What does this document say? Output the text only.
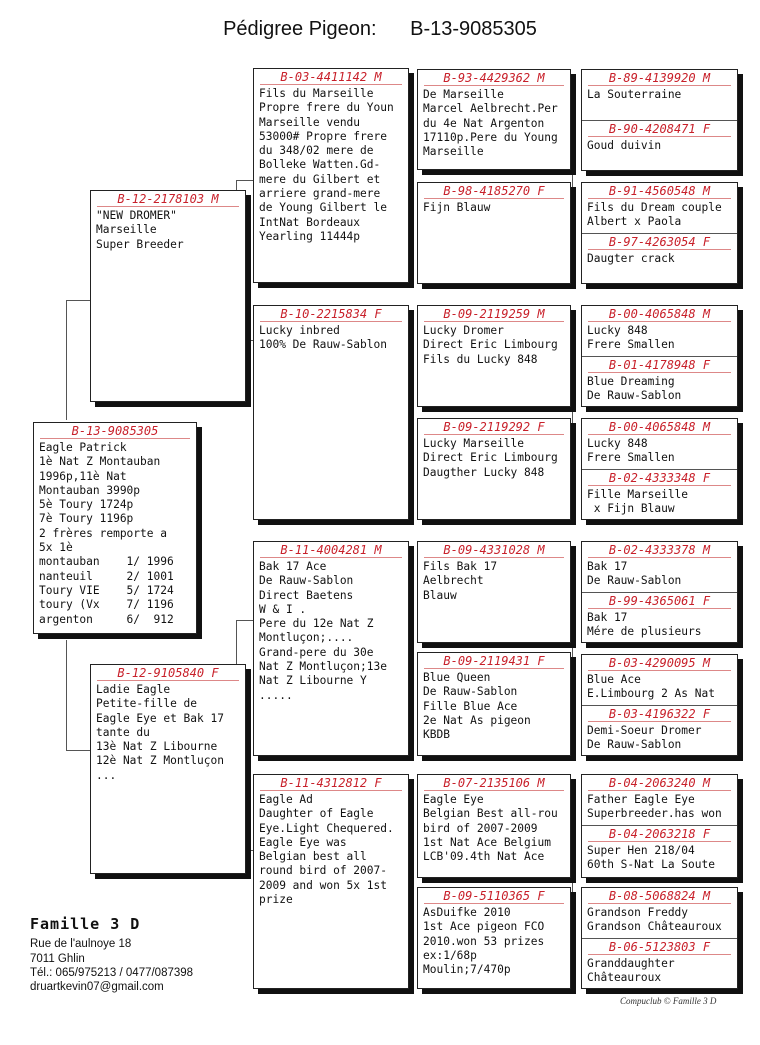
Pédigree Pigeon: B-13-9085305
B-13-9085305
Eagle Patrick
1è Nat Z Montauban
1996p,11è Nat
Montauban 3990p
5è Toury 1724p
7è Toury 1196p
2 frères remporte a
5x 1è
montauban    1/ 1996
nanteuil     2/ 1001
Toury VIE    5/ 1724
toury (Vx    7/ 1196
argenton     6/  912
B-12-2178103 M
"NEW DROMER"
Marseille
Super Breeder
B-12-9105840 F
Ladie Eagle
Petite-fille de
Eagle Eye et Bak 17
tante du
13è Nat Z Libourne
12è Nat Z Montluçon
...
B-03-4411142 M
Fils du Marseille
Propre frere du Youn
Marseille vendu
53000# Propre frere
du 348/02 mere de
Bolleke Watten.Gd-
mere du Gilbert et
arriere grand-mere
de Young Gilbert le
IntNat Bordeaux
Yearling 11444p
B-10-2215834 F
Lucky inbred
100% De Rauw-Sablon
B-11-4004281 M
Bak 17 Ace
De Rauw-Sablon
Direct Baetens
W & I .
Pere du 12e Nat Z
Montluçon;....
Grand-pere du 30e
Nat Z Montluçon;13e
Nat Z Libourne Y
.....
B-11-4312812 F
Eagle Ad
Daughter of Eagle
Eye.Light Chequered.
Eagle Eye was
Belgian best all
round bird of 2007-
2009 and won 5x 1st
prize
B-93-4429362 M
De Marseille
Marcel Aelbrecht.Per
du 4e Nat Argenton
17110p.Pere du Young
Marseille
B-98-4185270 F
Fijn Blauw
B-09-2119259 M
Lucky Dromer
Direct Eric Limbourg
Fils du Lucky 848
B-09-2119292 F
Lucky Marseille
Direct Eric Limbourg
Daugther Lucky 848
B-09-4331028 M
Fils Bak 17
Aelbrecht
Blauw
B-09-2119431 F
Blue Queen
De Rauw-Sablon
Fille Blue Ace
2e Nat As pigeon
KBDB
B-07-2135106 M
Eagle Eye
Belgian Best all-rou
bird of 2007-2009
1st Nat Ace Belgium
LCB'09.4th Nat Ace
B-09-5110365 F
AsDuifke 2010
1st Ace pigeon FCO
2010.won 53 prizes
ex:1/68p
Moulin;7/470p
B-89-4139920 M
La Souterraine
B-90-4208471 F
Goud duivin
B-91-4560548 M
Fils du Dream couple
Albert x Paola
B-97-4263054 F
Daugter crack
B-00-4065848 M
Lucky 848
Frere Smallen
B-01-4178948 F
Blue Dreaming
De Rauw-Sablon
B-00-4065848 M
Lucky 848
Frere Smallen
B-02-4333348 F
Fille Marseille
x Fijn Blauw
B-02-4333378 M
Bak 17
De Rauw-Sablon
B-99-4365061 F
Bak 17
Mére de plusieurs
B-03-4290095 M
Blue Ace
E.Limbourg 2 As Nat
B-03-4196322 F
Demi-Soeur Dromer
De Rauw-Sablon
B-04-2063240 M
Father Eagle Eye
Superbreeder.has won
B-04-2063218 F
Super Hen 218/04
60th S-Nat La Soute
B-08-5068824 M
Grandson Freddy
Grandson Châteauroux
B-06-5123803 F
Granddaughter
Châteauroux
Famille 3 D
Rue de l'aulnoye 18
7011 Ghlin
Tél.: 065/975213 / 0477/087398
druartkevin07@gmail.com
Compuclub © Famille 3 D
